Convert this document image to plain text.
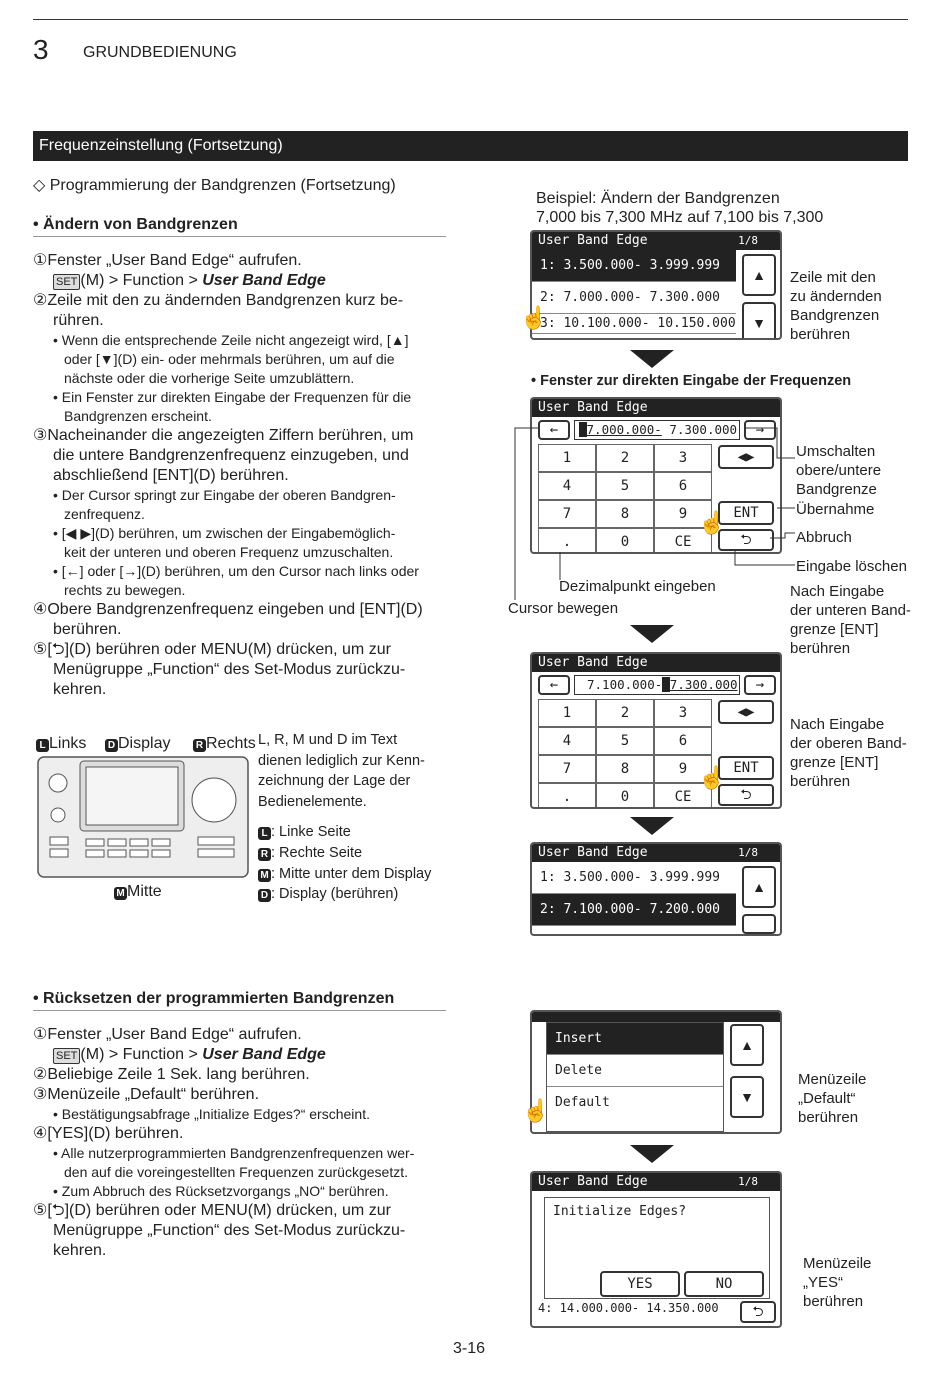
3 GRUNDBEDIENUNG
Frequenzeinstellung (Fortsetzung)
◇ Programmierung der Bandgrenzen (Fortsetzung)
• Ändern von Bandgrenzen
①Fenster „User Band Edge“ aufrufen.
SET (M) > Function > User Band Edge
②Zeile mit den zu ändernden Bandgrenzen kurz be-
rühren.
• Wenn die entsprechende Zeile nicht angezeigt wird, [▲]
oder [▼](D) ein- oder mehrmals berühren, um auf die
nächste oder die vorherige Seite umzublättern.
• Ein Fenster zur direkten Eingabe der Frequenzen für die
Bandgrenzen erscheint.
③Nacheinander die angezeigten Ziffern berühren, um
die untere Bandgrenzenfrequenz einzugeben, und
abschließend [ENT](D) berühren.
• Der Cursor springt zur Eingabe der oberen Bandgren-
zenfrequenz.
• [◀ ▶](D) berühren, um zwischen der Eingabemöglich-
keit der unteren und oberen Frequenz umzuschalten.
• [←] oder [→](D) berühren, um den Cursor nach links oder
rechts zu bewegen.
④Obere Bandgrenzenfrequenz eingeben und [ENT](D)
berühren.
⑤[⮌](D) berühren oder MENU(M) drücken, um zur
Menügruppe „Function“ des Set-Modus zurückzu-
kehren.
L Links D Display	R Rechts
M Mitte
L, R, M und D im Text
dienen lediglich zur Kenn-
zeichnung der Lage der
Bedienelemente.
L : Linke Seite
R : Rechte Seite
M : Mitte unter dem Display
D : Display (berühren)
• Rücksetzen der programmierten Bandgrenzen
①Fenster „User Band Edge“ aufrufen.
SET (M) > Function > User Band Edge
②Beliebige Zeile 1 Sek. lang berühren.
③Menüzeile „Default“ berühren.
• Bestätigungsabfrage „Initialize Edges?“ erscheint.
④[YES](D) berühren.
• Alle nutzerprogrammierten Bandgrenzenfrequenzen wer-
den auf die voreingestellten Frequenzen zurückgesetzt.
• Zum Abbruch des Rücksetzvorgangs „NO“ berühren.
⑤[⮌](D) berühren oder MENU(M) drücken, um zur
Menügruppe „Function“ des Set-Modus zurückzu-
kehren.
Beispiel: Ändern der Bandgrenzen
7,000 bis 7,300 MHz auf 7,100 bis 7,300
User Band Edge	1/8
1: 3.500.000- 3.999.999
2: 7.000.000- 7.300.000
3: 10.100.000- 10.150.000
▲
▼
☝
Zeile mit den
zu ändernden
Bandgrenzen
berühren
• Fenster zur direkten Eingabe der Frequenzen
User Band Edge
←	|7.000.000- 7.300.000	→
1	2	3
4	5	6
7	8	9
.	0	CE
◀▶
ENT
⮌
☝
Umschalten
obere/untere
Bandgrenze
Übernahme
Abbruch
Eingabe löschen
Dezimalpunkt eingeben
Cursor bewegen
Nach Eingabe
der unteren Band-
grenze [ENT]
berühren
User Band Edge
←	7.100.000-|7.300.000	→
1	2	3
4	5	6
7	8	9
.	0	CE
◀▶
ENT
⮌
☝
Nach Eingabe
der oberen Band-
grenze [ENT]
berühren
User Band Edge	1/8
1: 3.500.000- 3.999.999
2: 7.100.000- 7.200.000
▲
Insert
Delete
Default
▲
▼
☝
Menüzeile
„Default“
berühren
User Band Edge	1/8
Initialize Edges?
YES	NO
4: 14.000.000- 14.350.000	⮌
Menüzeile
„YES“
berühren
3-16
